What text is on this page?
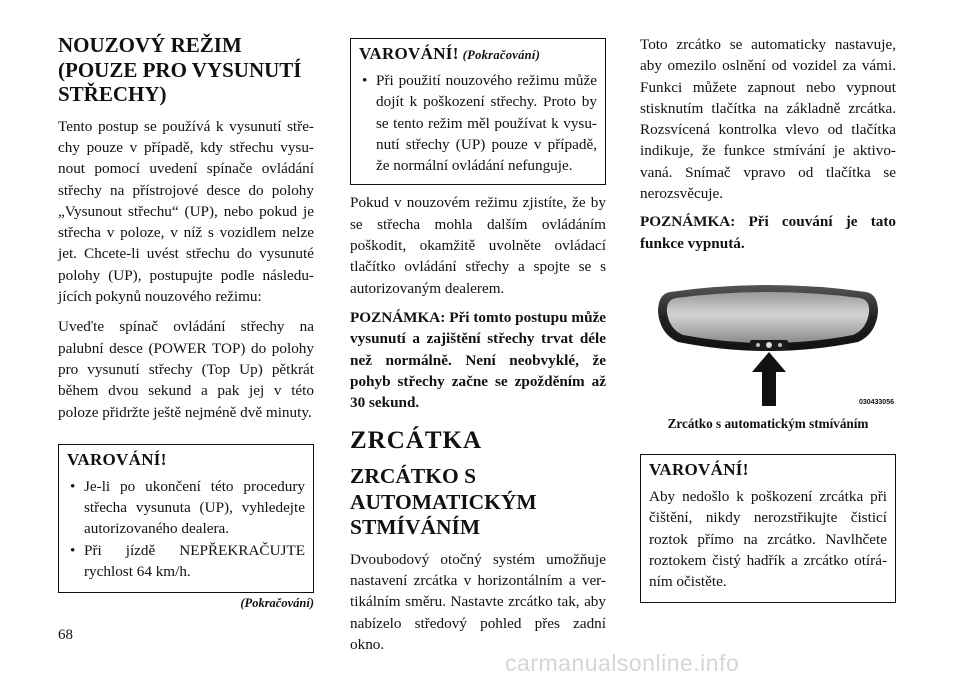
NOUZOVÝ REŽIM (POUZE PRO VYSUNUTÍ STŘECHY)

Tento postup se používá k vysunutí stře-chy pouze v případě, kdy střechu vysu-nout pomocí uvedení spínače ovládání střechy na přístrojové desce do polohy „Vysunout střechu“ (UP), nebo pokud je střecha v poloze, v níž s vozidlem nelze jet. Chcete-li uvést střechu do vysunuté polohy (UP), postupujte podle následu-jících pokynů nouzového režimu:

Uveďte spínač ovládání střechy na palubní desce (POWER TOP) do polohy pro vysunutí střechy (Top Up) pětkrát během dvou sekund a pak jej v této poloze přidržte ještě nejméně dvě minuty.

VAROVÁNÍ!
• Je-li po ukončení této procedury střecha vysunuta (UP), vyhledejte autorizovaného dealera.
• Při jízdě NEPŘEKRAČUJTE rychlost 64 km/h.
(Pokračování)
VAROVÁNÍ! (Pokračování)
• Při použití nouzového režimu může dojít k poškození střechy. Proto by se tento režim měl používat k vysu-nutí střechy (UP) pouze v případě, že normální ovládání nefunguje.

Pokud v nouzovém režimu zjistíte, že by se střecha mohla dalším ovládáním poškodit, okamžitě uvolněte ovládací tlačítko ovládání střechy a spojte se s autorizovaným dealerem.

POZNÁMKA: Při tomto postupu může vysunutí a zajištění střechy trvat déle než normálně. Není neobvyklé, že pohyb střechy začne se zpožděním až 30 sekund.

ZRCÁTKA
ZRCÁTKO S AUTOMATICKÝM STMÍVÁNÍM

Dvoubodový otočný systém umožňuje nastavení zrcátka v horizontálním a ver-tikálním směru. Nastavte zrcátko tak, aby nabízelo středový pohled přes zadní okno.

Toto zrcátko se automaticky nastavuje, aby omezilo oslnění od vozidel za vámi. Funkci můžete zapnout nebo vypnout stisknutím tlačítka na základně zrcátka. Rozsvícená kontrolka vlevo od tlačítka indikuje, že funkce stmívání je aktivo-vaná. Snímač vpravo od tlačítka se nerozsvěcuje.

POZNÁMKA: Při couvání je tato funkce vypnutá.

030433056
Zrcátko s automatickým stmíváním
VAROVÁNÍ!

Aby nedošlo k poškození zrcátka při čištění, nikdy nerozstřikujte čisticí roztok přímo na zrcátko. Navlhčete roztokem čistý hadřík a zrcátko otírá-ním očistěte.

68
carmanualsonline.info
